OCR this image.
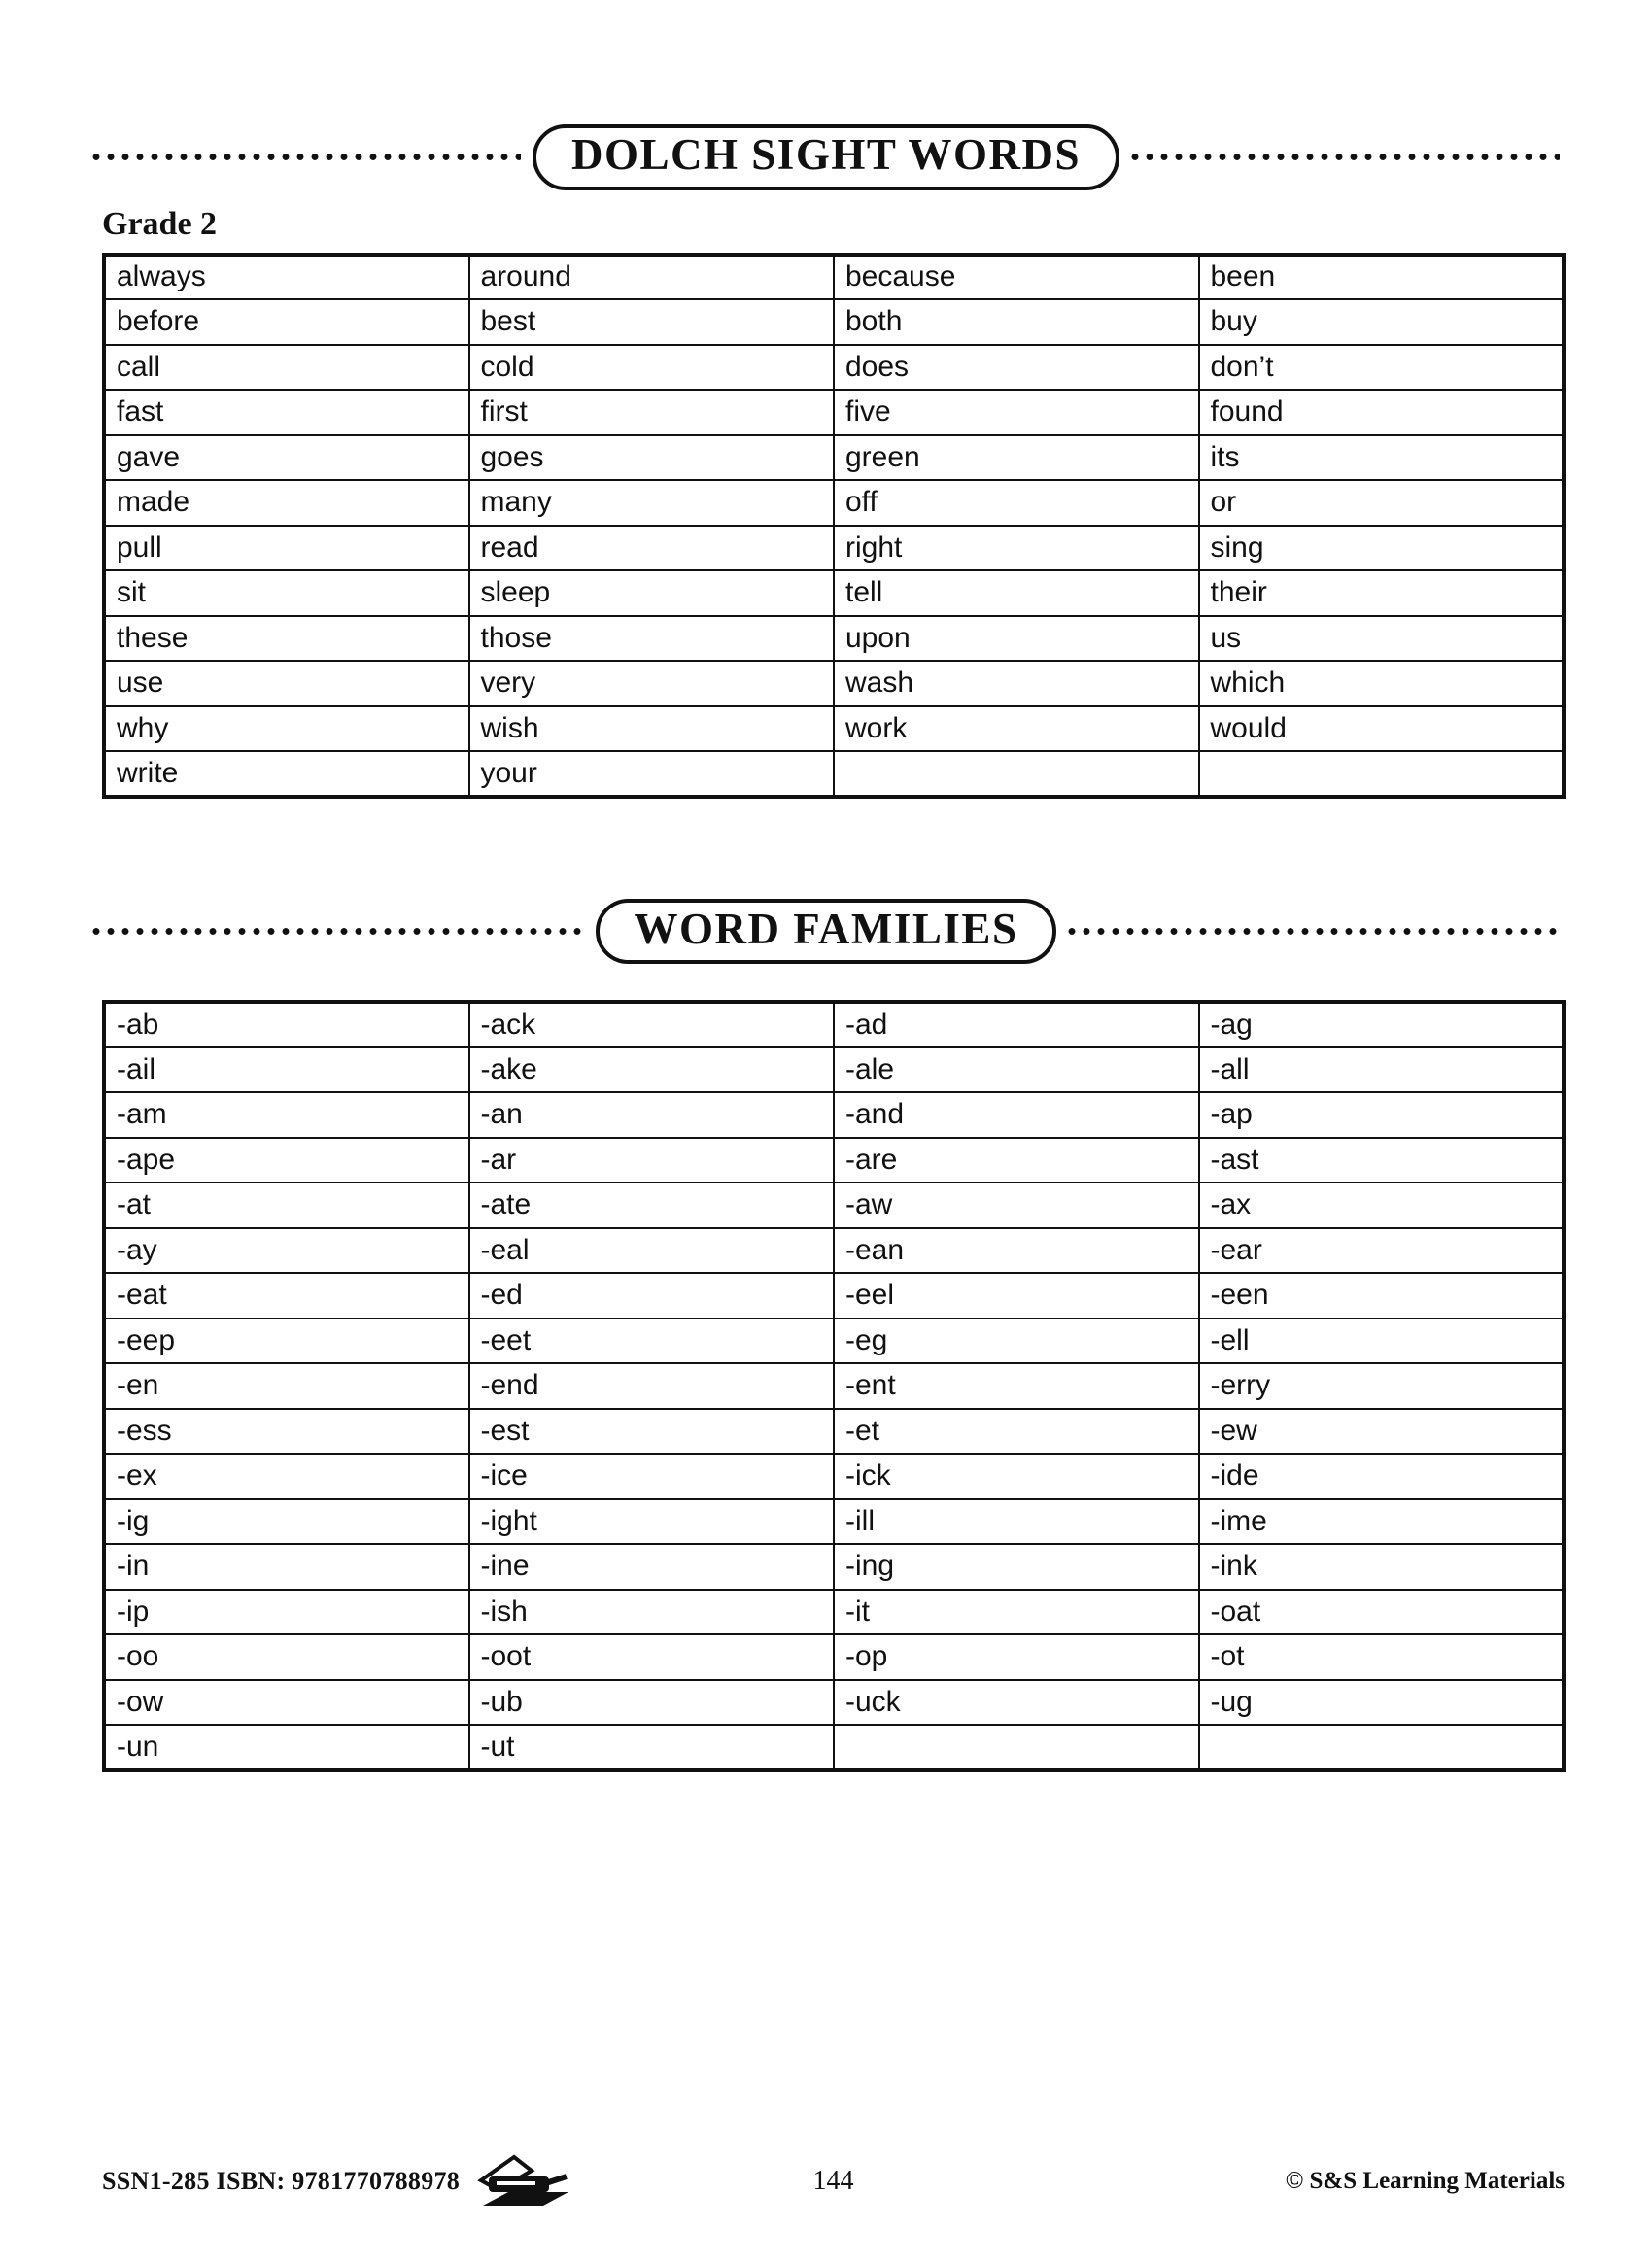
DOLCH SIGHT WORDS
Grade 2
always	around	because	been
before	best	both	buy
call	cold	does	don’t
fast	first	five	found
gave	goes	green	its
made	many	off	or
pull	read	right	sing
sit	sleep	tell	their
these	those	upon	us
use	very	wash	which
why	wish	work	would
write	your		
WORD FAMILIES
-ab	-ack	-ad	-ag
-ail	-ake	-ale	-all
-am	-an	-and	-ap
-ape	-ar	-are	-ast
-at	-ate	-aw	-ax
-ay	-eal	-ean	-ear
-eat	-ed	-eel	-een
-eep	-eet	-eg	-ell
-en	-end	-ent	-erry
-ess	-est	-et	-ew
-ex	-ice	-ick	-ide
-ig	-ight	-ill	-ime
-in	-ine	-ing	-ink
-ip	-ish	-it	-oat
-oo	-oot	-op	-ot
-ow	-ub	-uck	-ug
-un	-ut		
SSN1-285 ISBN: 9781770788978	144	© S&S Learning Materials
